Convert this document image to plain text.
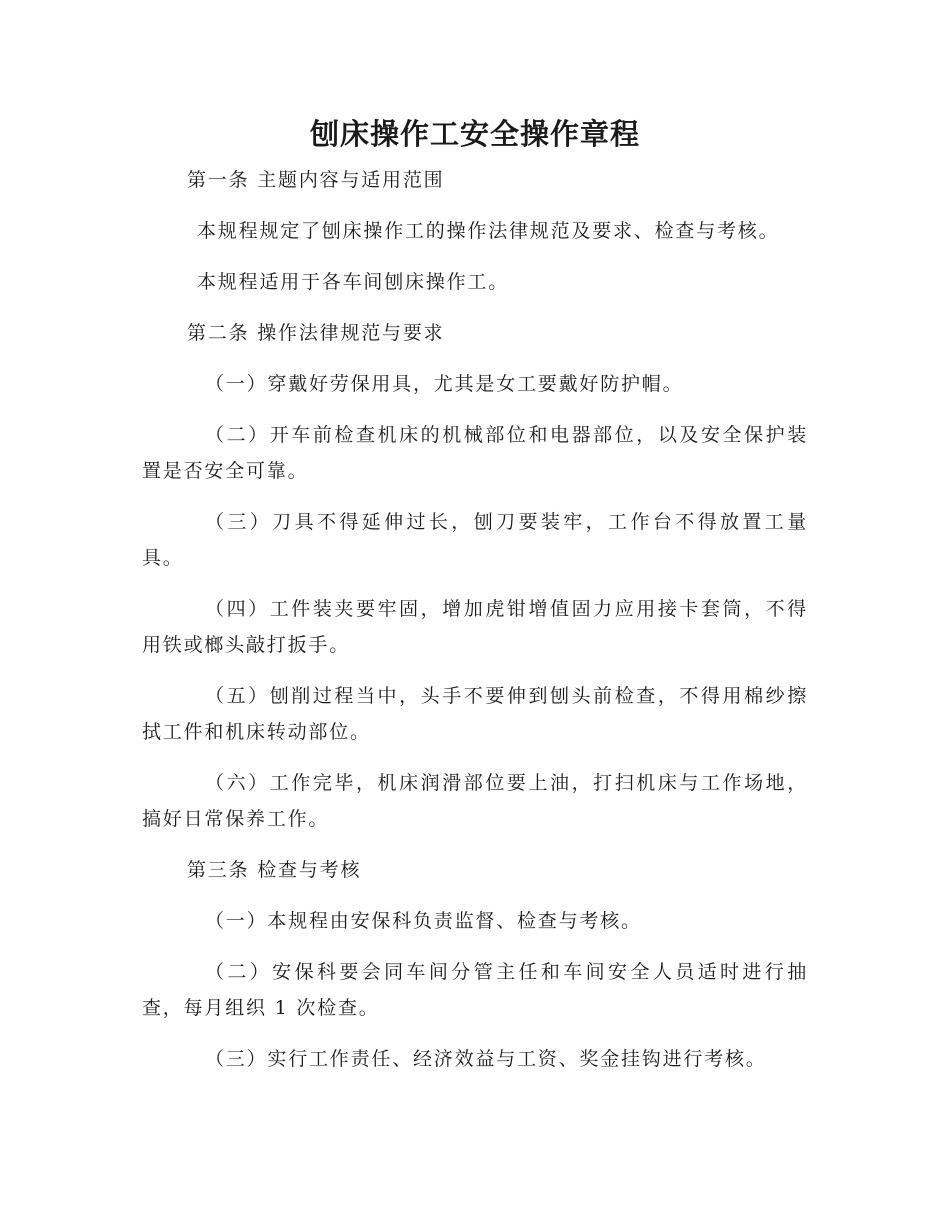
刨床操作工安全操作章程

第一条 主题内容与适用范围

本规程规定了刨床操作工的操作法律规范及要求、检查与考核。

本规程适用于各车间刨床操作工。

第二条 操作法律规范与要求

（一）穿戴好劳保用具，尤其是女工要戴好防护帽。

（二）开车前检查机床的机械部位和电器部位，以及安全保护装置是否安全可靠。

（三）刀具不得延伸过长，刨刀要装牢，工作台不得放置工量具。

（四）工件装夹要牢固，增加虎钳增值固力应用接卡套筒，不得用铁或榔头敲打扳手。

（五）刨削过程当中，头手不要伸到刨头前检查，不得用棉纱擦拭工件和机床转动部位。

（六）工作完毕，机床润滑部位要上油，打扫机床与工作场地，搞好日常保养工作。

第三条 检查与考核

（一）本规程由安保科负责监督、检查与考核。

（二）安保科要会同车间分管主任和车间安全人员适时进行抽查，每月组织 1 次检查。

（三）实行工作责任、经济效益与工资、奖金挂钩进行考核。
